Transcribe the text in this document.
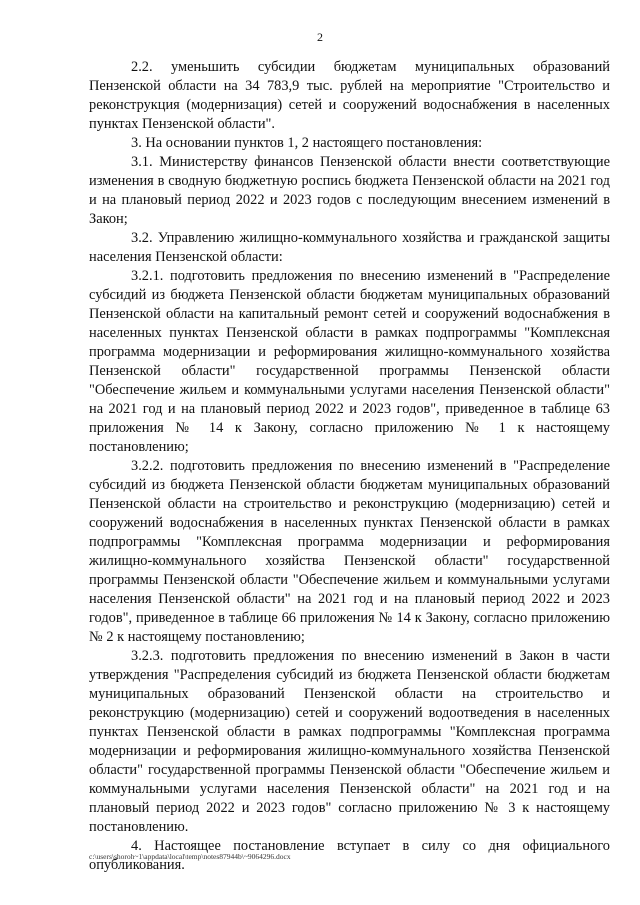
2

2.2. уменьшить субсидии бюджетам муниципальных образований Пензенской области на 34 783,9 тыс. рублей на мероприятие "Строительство и реконструкция (модернизация) сетей и сооружений водоснабжения в населенных пунктах Пензенской области".

3. На основании пунктов 1, 2 настоящего постановления:

3.1. Министерству финансов Пензенской области внести соответствующие изменения в сводную бюджетную роспись бюджета Пензенской области на 2021 год и на плановый период 2022 и 2023 годов с последующим внесением изменений в Закон;

3.2. Управлению жилищно-коммунального хозяйства и гражданской защиты населения Пензенской области:

3.2.1. подготовить предложения по внесению изменений в "Распределение субсидий из бюджета Пензенской области бюджетам муниципальных образований Пензенской области на капитальный ремонт сетей и сооружений водоснабжения в населенных пунктах Пензенской области в рамках подпрограммы "Комплексная программа модернизации и реформирования жилищно-коммунального хозяйства Пензенской области" государственной программы Пензенской области "Обеспечение жильем и коммунальными услугами населения Пензенской области" на 2021 год и на плановый период 2022 и 2023 годов", приведенное в таблице 63 приложения № 14 к Закону, согласно приложению № 1 к настоящему постановлению;

3.2.2. подготовить предложения по внесению изменений в "Распределение субсидий из бюджета Пензенской области бюджетам муниципальных образований Пензенской области на строительство и реконструкцию (модернизацию) сетей и сооружений водоснабжения в населенных пунктах Пензенской области в рамках подпрограммы "Комплексная программа модернизации и реформирования жилищно-коммунального хозяйства Пензенской области" государственной программы Пензенской области "Обеспечение жильем и коммунальными услугами населения Пензенской области" на 2021 год и на плановый период 2022 и 2023 годов", приведенное в таблице 66 приложения № 14 к Закону, согласно приложению № 2 к настоящему постановлению;

3.2.3. подготовить предложения по внесению изменений в Закон в части утверждения "Распределения субсидий из бюджета Пензенской области бюджетам муниципальных образований Пензенской области на строительство и реконструкцию (модернизацию) сетей и сооружений водоотведения в населенных пунктах Пензенской области в рамках подпрограммы "Комплексная программа модернизации и реформирования жилищно-коммунального хозяйства Пензенской области" государственной программы Пензенской области "Обеспечение жильем и коммунальными услугами населения Пензенской области" на 2021 год и на плановый период 2022 и 2023 годов" согласно приложению № 3 к настоящему постановлению.

4. Настоящее постановление вступает в силу со дня официального опубликования.

c:\users\shoroh~1\appdata\local\temp\notes87944b\~9064296.docx
